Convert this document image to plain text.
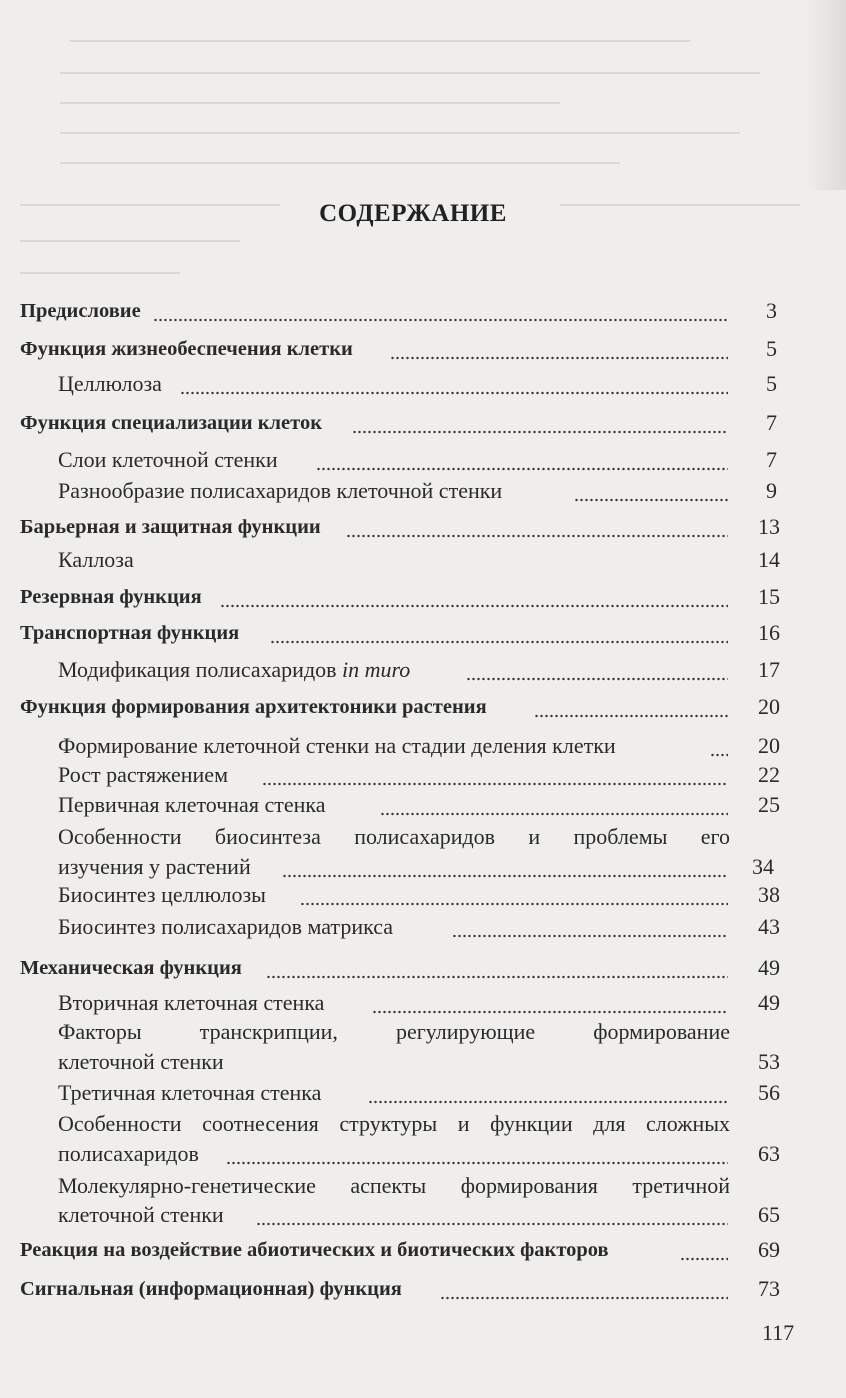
СОДЕРЖАНИЕ
Предисловие	3
Функция жизнеобеспечения клетки	5
Целлюлоза	5
Функция специализации клеток	7
Слои клеточной стенки	7
Разнообразие полисахаридов клеточной стенки	9
Барьерная и защитная функции	13
Каллоза	14
Резервная функция	15
Транспортная функция	16
Модификация полисахаридов in muro	17
Функция формирования архитектоники растения	20
Формирование клеточной стенки на стадии деления клетки	20
Рост растяжением	22
Первичная клеточная стенка	25
Особенности биосинтеза полисахаридов и проблемы его
изучения у растений	34
Биосинтез целлюлозы	38
Биосинтез полисахаридов матрикса	43
Механическая функция	49
Вторичная клеточная стенка	49
Факторы транскрипции, регулирующие формирование
клеточной стенки	53
Третичная клеточная стенка	56
Особенности соотнесения структуры и функции для сложных
полисахаридов	63
Молекулярно-генетические аспекты формирования третичной
клеточной стенки	65
Реакция на воздействие абиотических и биотических факторов	69
Сигнальная (информационная) функция	73
117
